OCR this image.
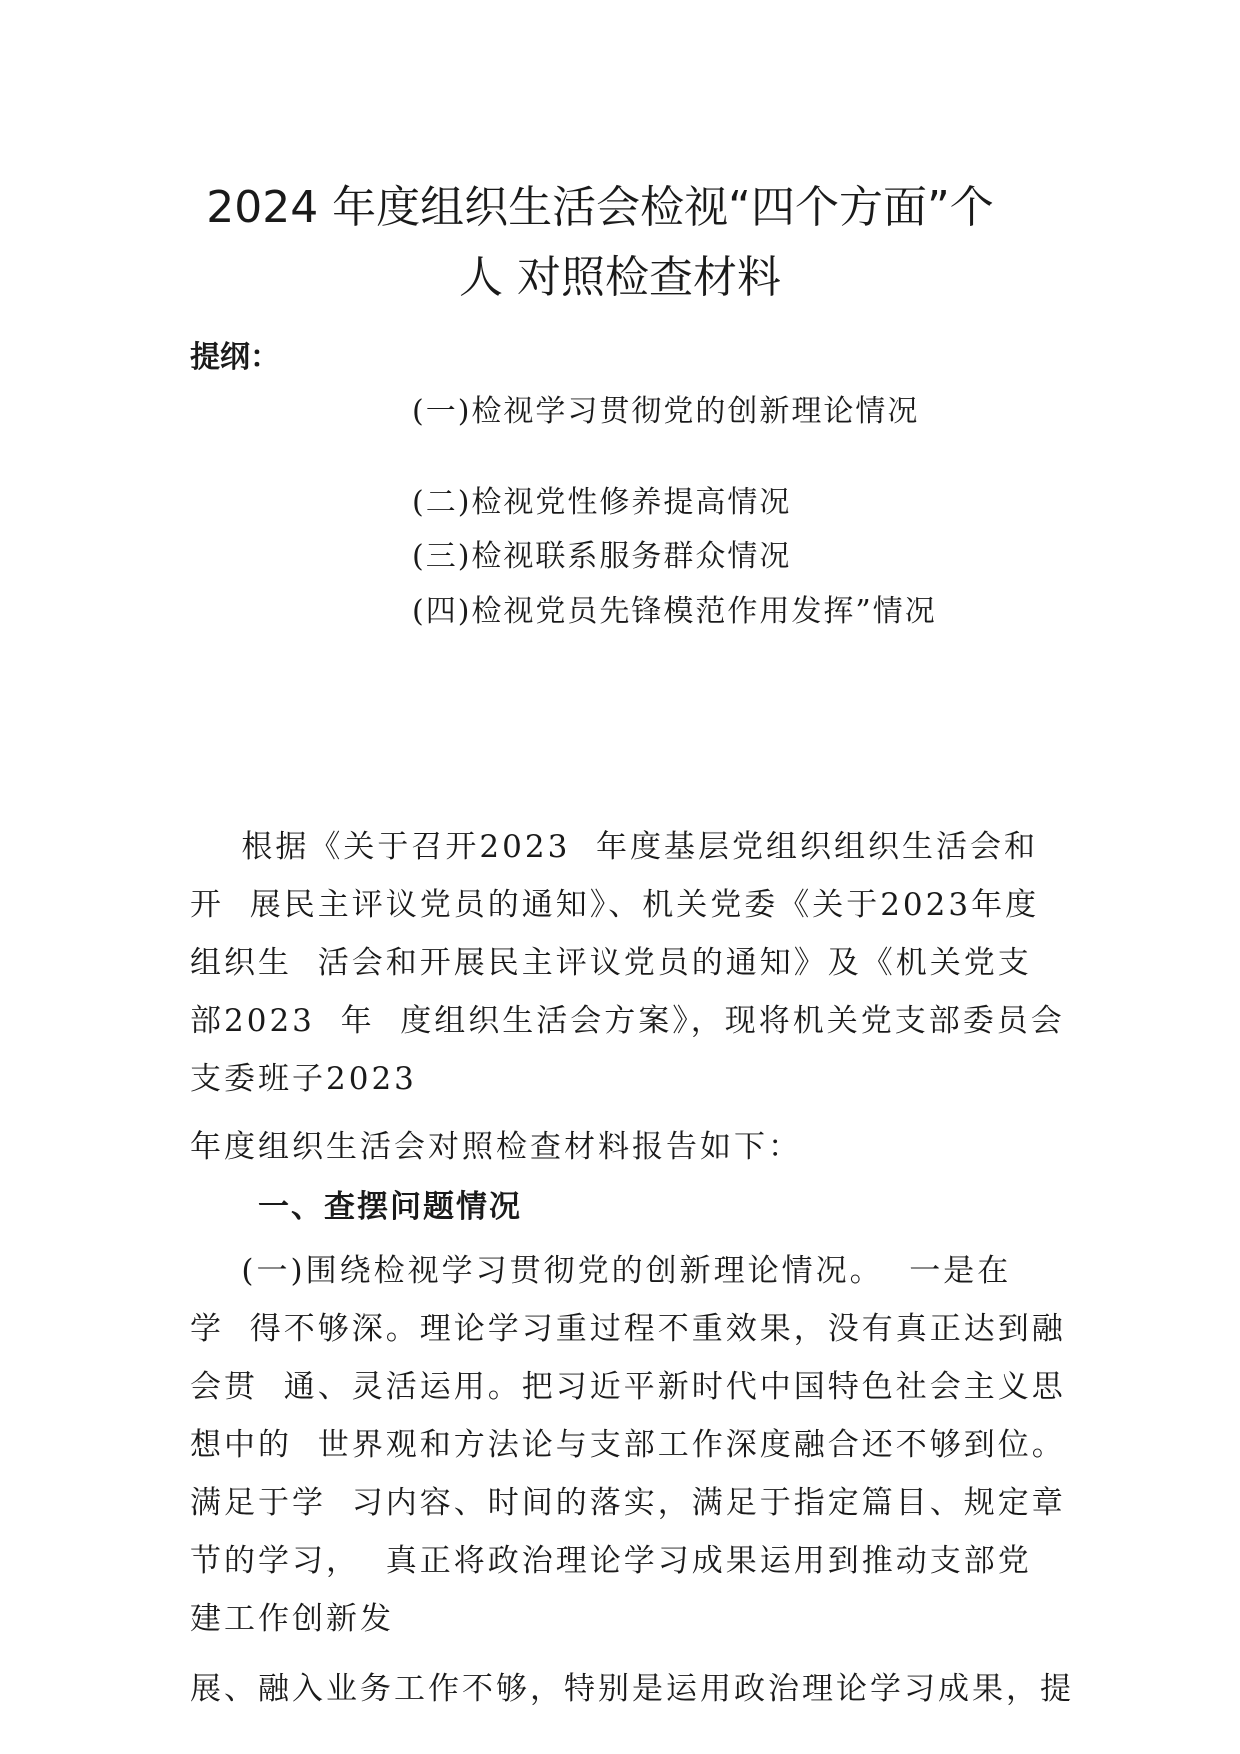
2024 年度组织生活会检视“四个方面”个
人 对照检查材料

提纲：

(一)检视学习贯彻党的创新理论情况

(二)检视党性修养提高情况

(三)检视联系服务群众情况

(四)检视党员先锋模范作用发挥”情况

根据《关于召开2023  年度基层党组织组织生活会和

开  展民主评议党员的通知》、机关党委《关于2023年度

组织生  活会和开展民主评议党员的通知》及《机关党支

部2023  年  度组织生活会方案》，现将机关党支部委员会

支委班子2023

年度组织生活会对照检查材料报告如下：

一、查摆问题情况

(一)围绕检视学习贯彻党的创新理论情况。  一是在

学  得不够深。理论学习重过程不重效果，没有真正达到融

会贯  通、灵活运用。把习近平新时代中国特色社会主义思

想中的  世界观和方法论与支部工作深度融合还不够到位。

满足于学  习内容、时间的落实，满足于指定篇目、规定章

节的学习，  真正将政治理论学习成果运用到推动支部党

建工作创新发

展、融入业务工作不够，特别是运用政治理论学习成果，提
